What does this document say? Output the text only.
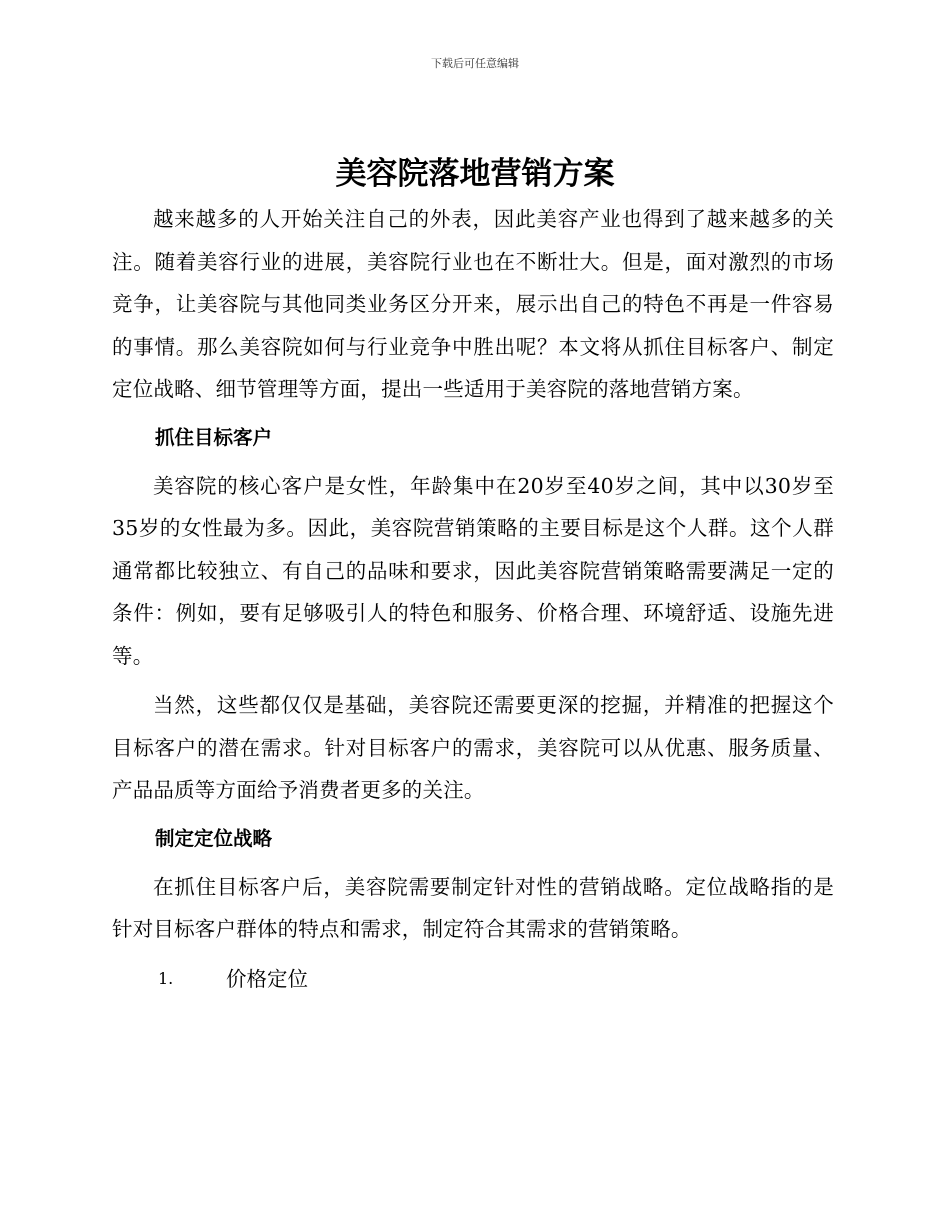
下载后可任意编辑
美容院落地营销方案

越来越多的人开始关注自己的外表，因此美容产业也得到了越来越多的关注。随着美容行业的进展，美容院行业也在不断壮大。但是，面对激烈的市场竞争，让美容院与其他同类业务区分开来，展示出自己的特色不再是一件容易的事情。那么美容院如何与行业竞争中胜出呢？本文将从抓住目标客户、制定定位战略、细节管理等方面，提出一些适用于美容院的落地营销方案。

抓住目标客户

美容院的核心客户是女性，年龄集中在20岁至40岁之间，其中以30岁至35岁的女性最为多。因此，美容院营销策略的主要目标是这个人群。这个人群通常都比较独立、有自己的品味和要求，因此美容院营销策略需要满足一定的条件：例如，要有足够吸引人的特色和服务、价格合理、环境舒适、设施先进等。

当然，这些都仅仅是基础，美容院还需要更深的挖掘，并精准的把握这个目标客户的潜在需求。针对目标客户的需求，美容院可以从优惠、服务质量、产品品质等方面给予消费者更多的关注。

制定定位战略

在抓住目标客户后，美容院需要制定针对性的营销战略。定位战略指的是针对目标客户群体的特点和需求，制定符合其需求的营销策略。

1.	价格定位
